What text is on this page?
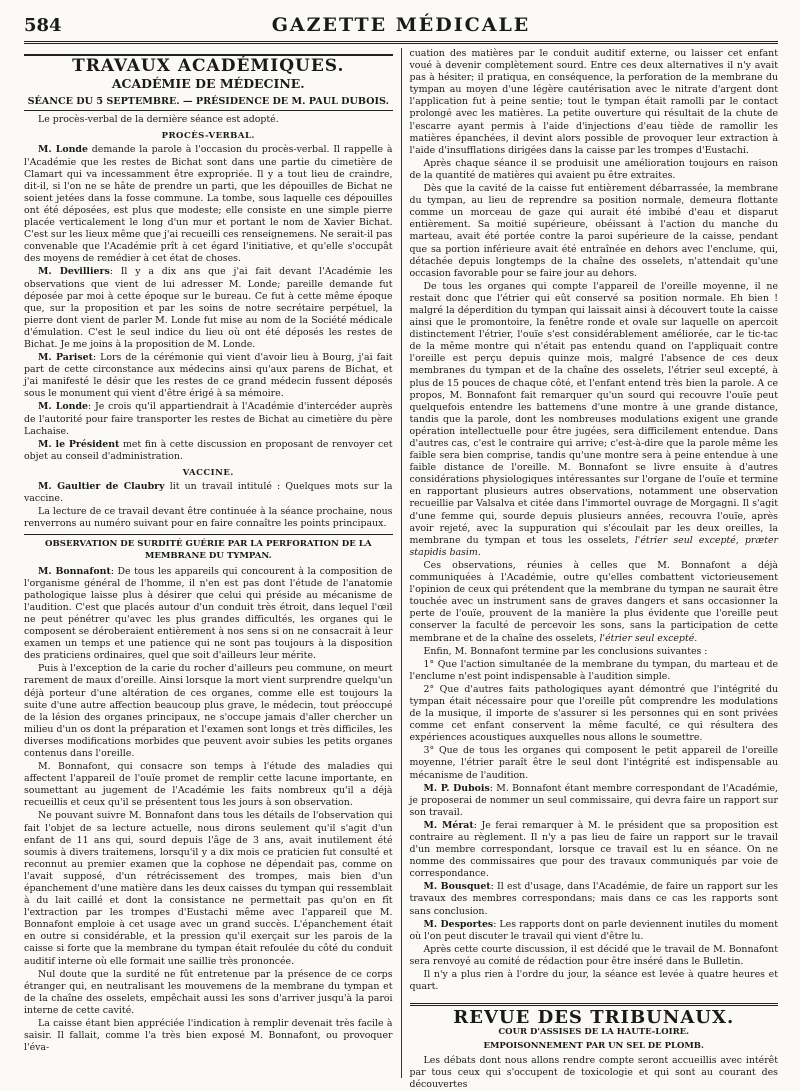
584	GAZETTE MÉDICALE
TRAVAUX ACADÉMIQUES.
ACADÉMIE DE MÉDECINE.
SÉANCE DU 5 SEPTEMBRE. — PRÉSIDENCE DE M. PAUL DUBOIS.

Le procès-verbal de la dernière séance est adopté.

PROCÈS-VERBAL.

M. Londe demande la parole à l'occasion du procès-verbal. Il rappelle à l'Académie que les restes de Bichat sont dans une partie du cimetière de Clamart qui va incessamment être expropriée. Il y a tout lieu de craindre, dit-il, si l'on ne se hâte de prendre un parti, que les dépouilles de Bichat ne soient jetées dans la fosse commune. La tombe, sous laquelle ces dépouilles ont été déposées, est plus que modeste; elle consiste en une simple pierre placée verticalement le long d'un mur et portant le nom de Xavier Bichat. C'est sur les lieux même que j'ai recueilli ces renseignemens. Ne serait-il pas convenable que l'Académie prît à cet égard l'initiative, et qu'elle s'occupât des moyens de remédier à cet état de choses.

M. Devilliers: Il y a dix ans que j'ai fait devant l'Académie les observations que vient de lui adresser M. Londe; pareille demande fut déposée par moi à cette époque sur le bureau. Ce fut à cette même époque que, sur la proposition et par les soins de notre secrétaire perpétuel, la pierre dont vient de parler M. Londe fut mise au nom de la Société médicale d'émulation. C'est le seul indice du lieu où ont été déposés les restes de Bichat. Je me joins à la proposition de M. Londe.

M. Pariset: Lors de la cérémonie qui vient d'avoir lieu à Bourg, j'ai fait part de cette circonstance aux médecins ainsi qu'aux parens de Bichat, et j'ai manifesté le désir que les restes de ce grand médecin fussent déposés sous le monument qui vient d'être érigé à sa mémoire.

M. Londe: Je crois qu'il appartiendrait à l'Académie d'intercéder auprès de l'autorité pour faire transporter les restes de Bichat au cimetière du père Lachaise.

M. le Président met fin à cette discussion en proposant de renvoyer cet objet au conseil d'administration.

VACCINE.

M. Gaultier de Claubry lit un travail intitulé : Quelques mots sur la vaccine.

La lecture de ce travail devant être continuée à la séance prochaine, nous renverrons au numéro suivant pour en faire connaître les points principaux.

OBSERVATION DE SURDITÉ GUÉRIE PAR LA PERFORATION DE LA MEMBRANE DU TYMPAN.

M. Bonnafont: De tous les appareils qui concourent à la composition de l'organisme général de l'homme, il n'en est pas dont l'étude de l'anatomie pathologique laisse plus à désirer que celui qui préside au mécanisme de l'audition. C'est que placés autour d'un conduit très étroit, dans lequel l'œil ne peut pénétrer qu'avec les plus grandes difficultés, les organes qui le composent se déroberaient entièrement à nos sens si on ne consacrait à leur examen un temps et une patience qui ne sont pas toujours à la disposition des praticiens ordinaires, quel que soit d'ailleurs leur mérite.

Puis à l'exception de la carie du rocher d'ailleurs peu commune, on meurt rarement de maux d'oreille. Ainsi lorsque la mort vient surprendre quelqu'un déjà porteur d'une altération de ces organes, comme elle est toujours la suite d'une autre affection beaucoup plus grave, le médecin, tout préoccupé de la lésion des organes principaux, ne s'occupe jamais d'aller chercher un milieu d'un os dont la préparation et l'examen sont longs et très difficiles, les diverses modifications morbides que peuvent avoir subies les petits organes contenus dans l'oreille.

M. Bonnafont, qui consacre son temps à l'étude des maladies qui affectent l'appareil de l'ouïe promet de remplir cette lacune importante, en soumettant au jugement de l'Académie les faits nombreux qu'il a déjà recueillis et ceux qu'il se présentent tous les jours à son observation.

Ne pouvant suivre M. Bonnafont dans tous les détails de l'observation qui fait l'objet de sa lecture actuelle, nous dirons seulement qu'il s'agit d'un enfant de 11 ans qui, sourd depuis l'âge de 3 ans, avait inutilement été soumis à divers traitemens, lorsqu'il y a dix mois ce praticien fut consulté et reconnut au premier examen que la cophose ne dépendait pas, comme on l'avait supposé, d'un rétrécissement des trompes, mais bien d'un épanchement d'une matière dans les deux caisses du tympan qui ressemblait à du lait caillé et dont la consistance ne permettait pas qu'on en fît l'extraction par les trompes d'Eustachi même avec l'appareil que M. Bonnafont emploie à cet usage avec un grand succès. L'épanchement était en outre si considérable, et la pression qu'il exerçait sur les parois de la caisse si forte que la membrane du tympan était refoulée du côté du conduit auditif interne où elle formait une saillie très prononcée.

Nul doute que la surdité ne fût entretenue par la présence de ce corps étranger qui, en neutralisant les mouvemens de la membrane du tympan et de la chaîne des osselets, empêchait aussi les sons d'arriver jusqu'à la paroi interne de cette cavité.

La caisse étant bien appréciée l'indication à remplir devenait très facile à saisir. Il fallait, comme l'a très bien exposé M. Bonnafont, ou provoquer l'éva-

cuation des matières par le conduit auditif externe, ou laisser cet enfant voué à devenir complètement sourd. Entre ces deux alternatives il n'y avait pas à hésiter; il pratiqua, en conséquence, la perforation de la membrane du tympan au moyen d'une légère cautérisation avec le nitrate d'argent dont l'application fut à peine sentie; tout le tympan était ramolli par le contact prolongé avec les matières. La petite ouverture qui résultait de la chute de l'escarre ayant permis à l'aide d'injections d'eau tiède de ramollir les matières épanchées, il devint alors possible de provoquer leur extraction à l'aide d'insufflations dirigées dans la caisse par les trompes d'Eustachi.

Après chaque séance il se produisit une amélioration toujours en raison de la quantité de matières qui avaient pu être extraites.

Dès que la cavité de la caisse fut entièrement débarrassée, la membrane du tympan, au lieu de reprendre sa position normale, demeura flottante comme un morceau de gaze qui aurait été imbibé d'eau et disparut entièrement. Sa moitié supérieure, obéissant à l'action du manche du marteau, avait été portée contre la paroi supérieure de la caisse, pendant que sa portion inférieure avait été entraînée en dehors avec l'enclume, qui, détachée depuis longtemps de la chaîne des osselets, n'attendait qu'une occasion favorable pour se faire jour au dehors.

De tous les organes qui compte l'appareil de l'oreille moyenne, il ne restait donc que l'étrier qui eût conservé sa position normale. Eh bien ! malgré la déperdition du tympan qui laissait ainsi à découvert toute la caisse ainsi que le promontoire, la fenêtre ronde et ovale sur laquelle on apercoit distinctement l'étrier, l'ouïe s'est considérablement améliorée, car le tic-tac de la même montre qui n'était pas entendu quand on l'appliquait contre l'oreille est perçu depuis quinze mois, malgré l'absence de ces deux membranes du tympan et de la chaîne des osselets, l'étrier seul excepté, à plus de 15 pouces de chaque côté, et l'enfant entend très bien la parole. A ce propos, M. Bonnafont fait remarquer qu'un sourd qui recouvre l'ouïe peut quelquefois entendre les battemens d'une montre à une grande distance, tandis que la parole, dont les nombreuses modulations exigent une grande opération intellectuelle pour être jugées, sera difficilement entendue. Dans d'autres cas, c'est le contraire qui arrive; c'est-à-dire que la parole même les faible sera bien comprise, tandis qu'une montre sera à peine entendue à une faible distance de l'oreille. M. Bonnafont se livre ensuite à d'autres considérations physiologiques intéressantes sur l'organe de l'ouïe et termine en rapportant plusieurs autres observations, notamment une observation recueillie par Valsalva et citée dans l'immortel ouvrage de Morgagni. Il s'agit d'une femme qui, sourde depuis plusieurs années, recouvra l'ouïe, après avoir rejeté, avec la suppuration qui s'écoulait par les deux oreilles, la membrane du tympan et tous les osselets, l'étrier seul excepté, præter stapidis basim.

Ces observations, réunies à celles que M. Bonnafont a déjà communiquées à l'Académie, outre qu'elles combattent victorieusement l'opinion de ceux qui prétendent que la membrane du tympan ne saurait être touchée avec un instrument sans de graves dangers et sans occasionner la perte de l'ouïe, prouvent de la manière la plus évidente que l'oreille peut conserver la faculté de percevoir les sons, sans la participation de cette membrane et de la chaîne des osselets, l'étrier seul excepté.

Enfin, M. Bonnafont termine par les conclusions suivantes :

1° Que l'action simultanée de la membrane du tympan, du marteau et de l'enclume n'est point indispensable à l'audition simple.

2° Que d'autres faits pathologiques ayant démontré que l'intégrité du tympan était nécessaire pour que l'oreille pût comprendre les modulations de la musique, il importe de s'assurer si les personnes qui en sont privées comme cet enfant conservent la même faculté, ce qui résultera des expériences acoustiques auxquelles nous allons le soumettre.

3° Que de tous les organes qui composent le petit appareil de l'oreille moyenne, l'étrier paraît être le seul dont l'intégrité est indispensable au mécanisme de l'audition.

M. P. Dubois: M. Bonnafont étant membre correspondant de l'Académie, je proposerai de nommer un seul commissaire, qui devra faire un rapport sur son travail.

M. Mérat: Je ferai remarquer à M. le président que sa proposition est contraire au règlement. Il n'y a pas lieu de faire un rapport sur le travail d'un membre correspondant, lorsque ce travail est lu en séance. On ne nomme des commissaires que pour des travaux communiqués par voie de correspondance.

M. Bousquet: Il est d'usage, dans l'Académie, de faire un rapport sur les travaux des membres correspondans; mais dans ce cas les rapports sont sans conclusion.

M. Desportes: Les rapports dont on parle deviennent inutiles du moment où l'on peut discuter le travail qui vient d'être lu.

Après cette courte discussion, il est décidé que le travail de M. Bonnafont sera renvoyé au comité de rédaction pour être inséré dans le Bulletin.

Il n'y a plus rien à l'ordre du jour, la séance est levée à quatre heures et quart.

REVUE DES TRIBUNAUX.
COUR D'ASSISES DE LA HAUTE-LOIRE.
EMPOISONNEMENT PAR UN SEL DE PLOMB.

Les débats dont nous allons rendre compte seront accueillis avec intérêt par tous ceux qui s'occupent de toxicologie et qui sont au courant des découvertes
